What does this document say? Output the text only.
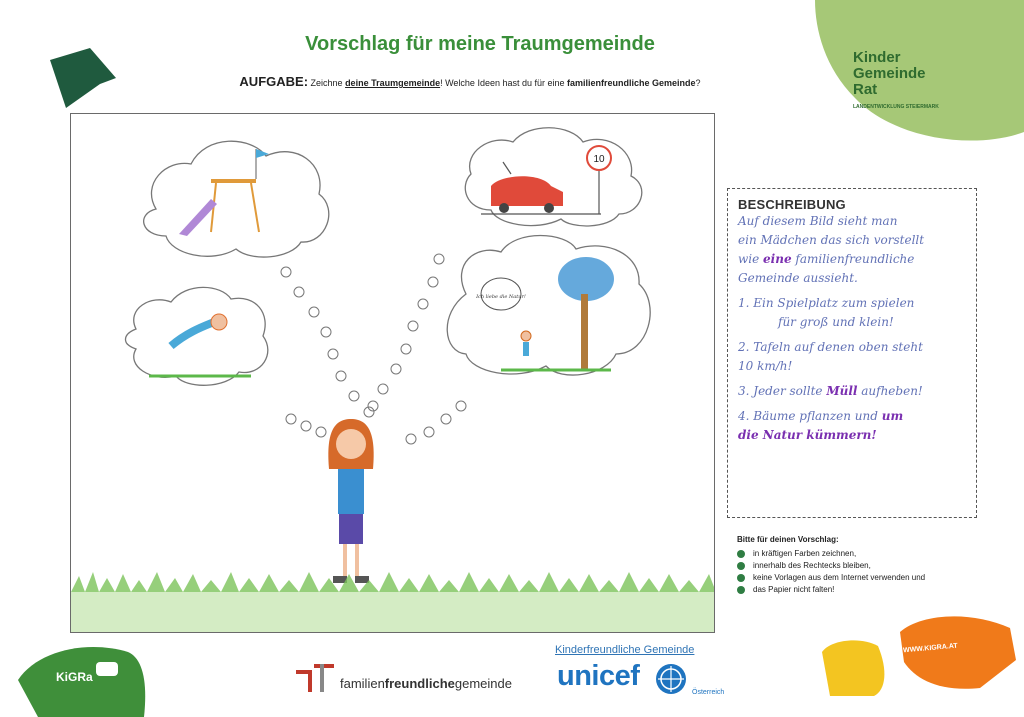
Vorschlag für meine Traumgemeinde
AUFGABE: Zeichne deine Traumgemeinde! Welche Ideen hast du für eine familienfreundliche Gemeinde?
10
Ich liebe die Natur!
BESCHREIBUNG

Auf diesem Bild sieht man

ein Mädchen das sich vorstellt

wie eine familienfreundliche

Gemeinde aussieht.

1. Ein Spielplatz zum spielen
für groß und klein!

2. Tafeln auf denen oben steht
10 km/h!

3. Jeder sollte Müll aufheben!

4. Bäume pflanzen und um
die Natur kümmern!

Bitte für deinen Vorschlag:
in kräftigen Farben zeichnen,
innerhalb des Rechtecks bleiben,
keine Vorlagen aus dem Internet verwenden und
das Papier nicht falten!
Kinder
Gemeinde
Rat
LANDENTWICKLUNG STEIERMARK
KiGRa
WWW.KIGRA.AT
familienfreundlichegemeinde
Kinderfreundliche Gemeinde
unicef
Österreich
